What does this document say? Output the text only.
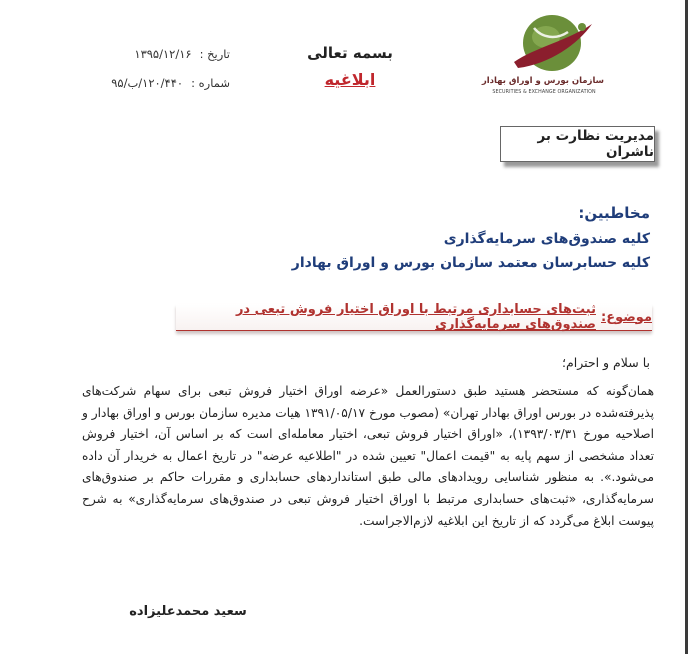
سازمان بورس و اوراق بهادار
SECURITIES & EXCHANGE ORGANIZATION
بسمه تعالی
ابلاغیه
تاریخ :
۱۳۹۵/۱۲/۱۶
شماره :
۱۲۰/۴۴۰/ب/۹۵
مدیریت نظارت بر ناشران
مخاطبین:
کلیه صندوق‌های سرمایه‌گذاری
کلیه حسابرسان معتمد سازمان بورس و اوراق بهادار
موضوع:
ثبت‌های حسابداری مرتبط با اوراق اختیار فروش تبعی در صندوق‌های سرمایه‌گذاری
با سلام و احترام؛
همان‌گونه که مستحضر هستید طبق دستورالعمل «عرضه اوراق اختیار فروش تبعی برای سهام شرکت‌های پذیرفته‌شده در بورس اوراق بهادار تهران» (مصوب مورخ ۱۳۹۱/۰۵/۱۷ هیات مدیره سازمان بورس و اوراق بهادار و اصلاحیه مورخ ۱۳۹۳/۰۳/۳۱)، «اوراق اختیار فروش تبعی، اختیار معامله‌ای است که بر اساس آن، اختیار فروش تعداد مشخصی از سهم پایه به "قیمت اعمال" تعیین شده در "اطلاعیه عرضه" در تاریخ اعمال به خریدار آن داده می‌شود.». به منظور شناسایی رویدادهای مالی طبق استانداردهای حسابداری و مقررات حاکم بر صندوق‌های سرمایه‌گذاری، «ثبت‌های حسابداری مرتبط با اوراق اختیار فروش تبعی در صندوق‌های سرمایه‌گذاری» به شرح پیوست ابلاغ می‌گردد که از تاریخ این ابلاغیه لازم‌الاجراست.
سعید محمدعلیزاده
